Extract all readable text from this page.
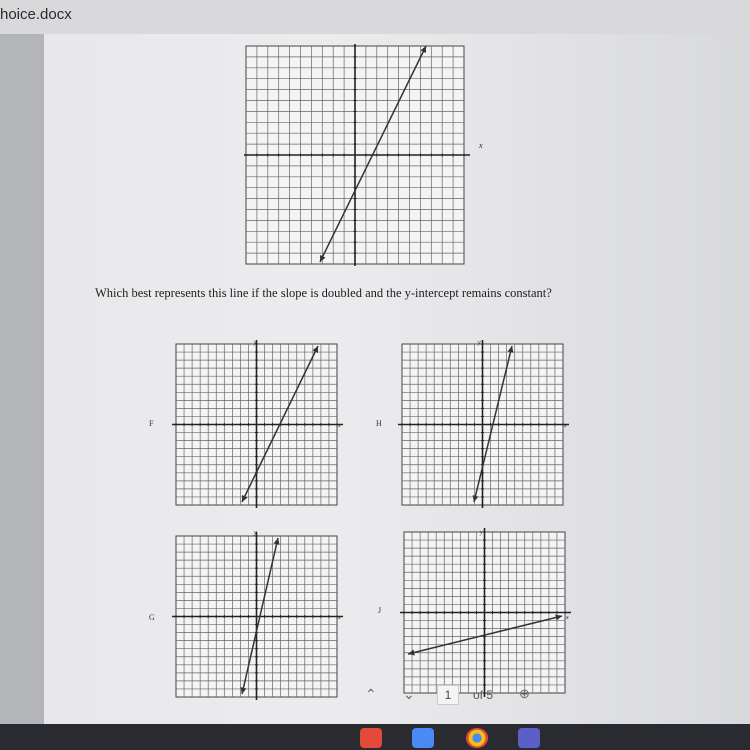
hoice.docx
x
Which best represents this line if the slope is doubled and the y-intercept remains constant?
y
x
F
y
x
H
y
x
G
y
x
J
⌃ ⌄
1	of 5 ⊕
